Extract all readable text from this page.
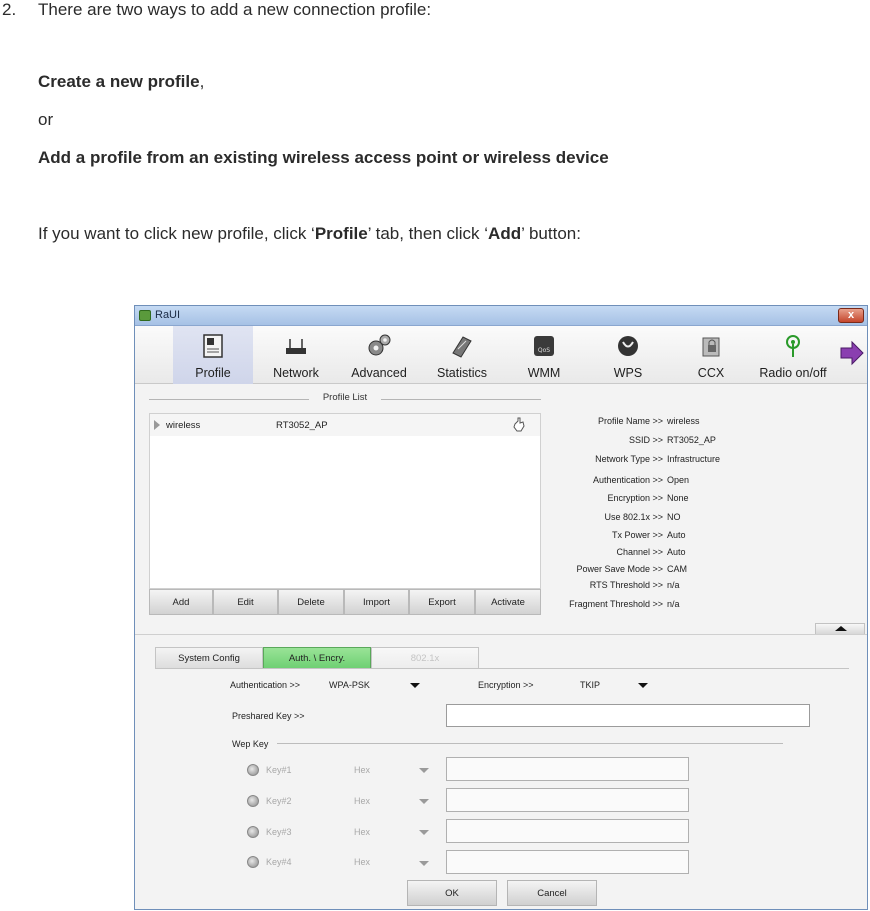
2. There are two ways to add a new connection profile:
Create a new profile,
or
Add a profile from an existing wireless access point or wireless device
If you want to click new profile, click ‘Profile’ tab, then click ‘Add’ button:
RaUI	x
Profile	Network	Advanced	Statistics
QoS
WMM	WPS	CCX	Radio on/off
Profile List
wireless	RT3052_AP
Add	Edit	Delete	Import	Export	Activate
Profile Name >> wireless
SSID >> RT3052_AP
Network Type >> Infrastructure
Authentication >> Open
Encryption >> None
Use 802.1x >> NO
Tx Power >> Auto
Channel >> Auto
Power Save Mode >> CAM
RTS Threshold >> n/a
Fragment Threshold >> n/a
System Config	Auth. \ Encry.	802.1x
Authentication >>	WPA-PSK	Encryption >>	TKIP
Preshared Key >>
Wep Key
Key#1	Hex
Key#2	Hex
Key#3	Hex
Key#4	Hex
OK	Cancel
